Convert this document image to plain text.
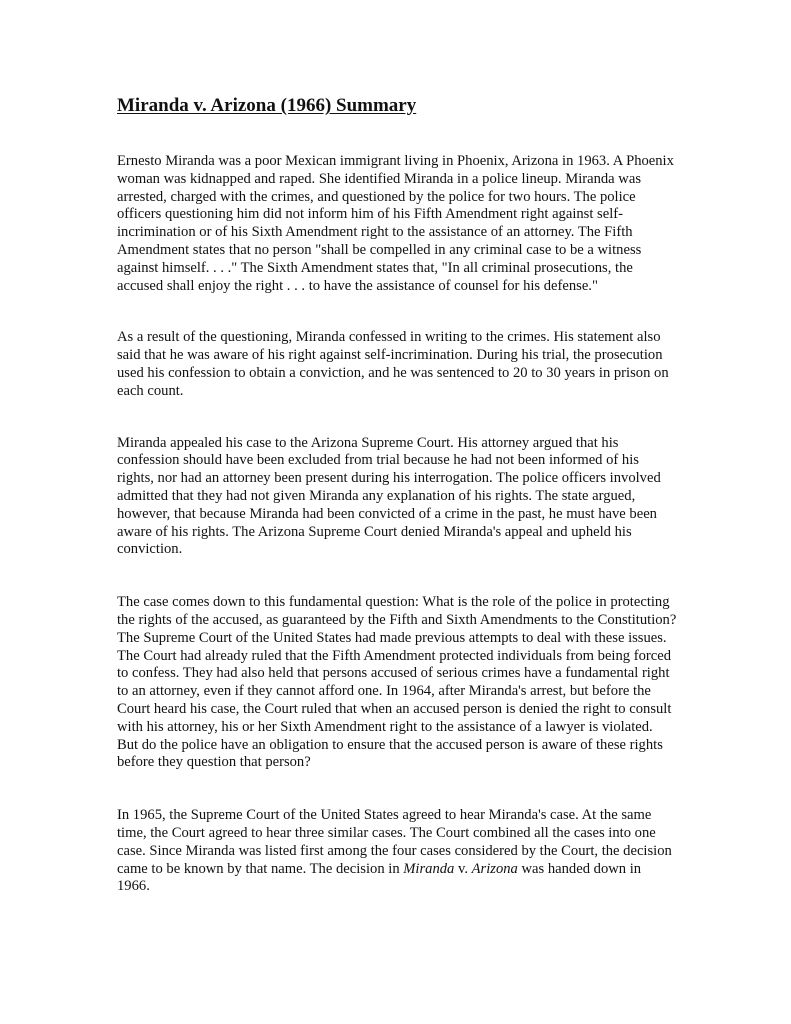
Miranda v. Arizona (1966) Summary

Ernesto Miranda was a poor Mexican immigrant living in Phoenix, Arizona in 1963. A Phoenix woman was kidnapped and raped. She identified Miranda in a police lineup. Miranda was arrested, charged with the crimes, and questioned by the police for two hours. The police officers questioning him did not inform him of his Fifth Amendment right against self-incrimination or of his Sixth Amendment right to the assistance of an attorney. The Fifth Amendment states that no person "shall be compelled in any criminal case to be a witness against himself. . . ." The Sixth Amendment states that, "In all criminal prosecutions, the accused shall enjoy the right . . . to have the assistance of counsel for his defense."

As a result of the questioning, Miranda confessed in writing to the crimes. His statement also said that he was aware of his right against self-incrimination. During his trial, the prosecution used his confession to obtain a conviction, and he was sentenced to 20 to 30 years in prison on each count.

Miranda appealed his case to the Arizona Supreme Court. His attorney argued that his confession should have been excluded from trial because he had not been informed of his rights, nor had an attorney been present during his interrogation. The police officers involved admitted that they had not given Miranda any explanation of his rights. The state argued, however, that because Miranda had been convicted of a crime in the past, he must have been aware of his rights. The Arizona Supreme Court denied Miranda's appeal and upheld his conviction.

The case comes down to this fundamental question: What is the role of the police in protecting the rights of the accused, as guaranteed by the Fifth and Sixth Amendments to the Constitution? The Supreme Court of the United States had made previous attempts to deal with these issues. The Court had already ruled that the Fifth Amendment protected individuals from being forced to confess. They had also held that persons accused of serious crimes have a fundamental right to an attorney, even if they cannot afford one. In 1964, after Miranda's arrest, but before the Court heard his case, the Court ruled that when an accused person is denied the right to consult with his attorney, his or her Sixth Amendment right to the assistance of a lawyer is violated. But do the police have an obligation to ensure that the accused person is aware of these rights before they question that person?

In 1965, the Supreme Court of the United States agreed to hear Miranda's case. At the same time, the Court agreed to hear three similar cases. The Court combined all the cases into one case. Since Miranda was listed first among the four cases considered by the Court, the decision came to be known by that name. The decision in Miranda v. Arizona was handed down in 1966.
